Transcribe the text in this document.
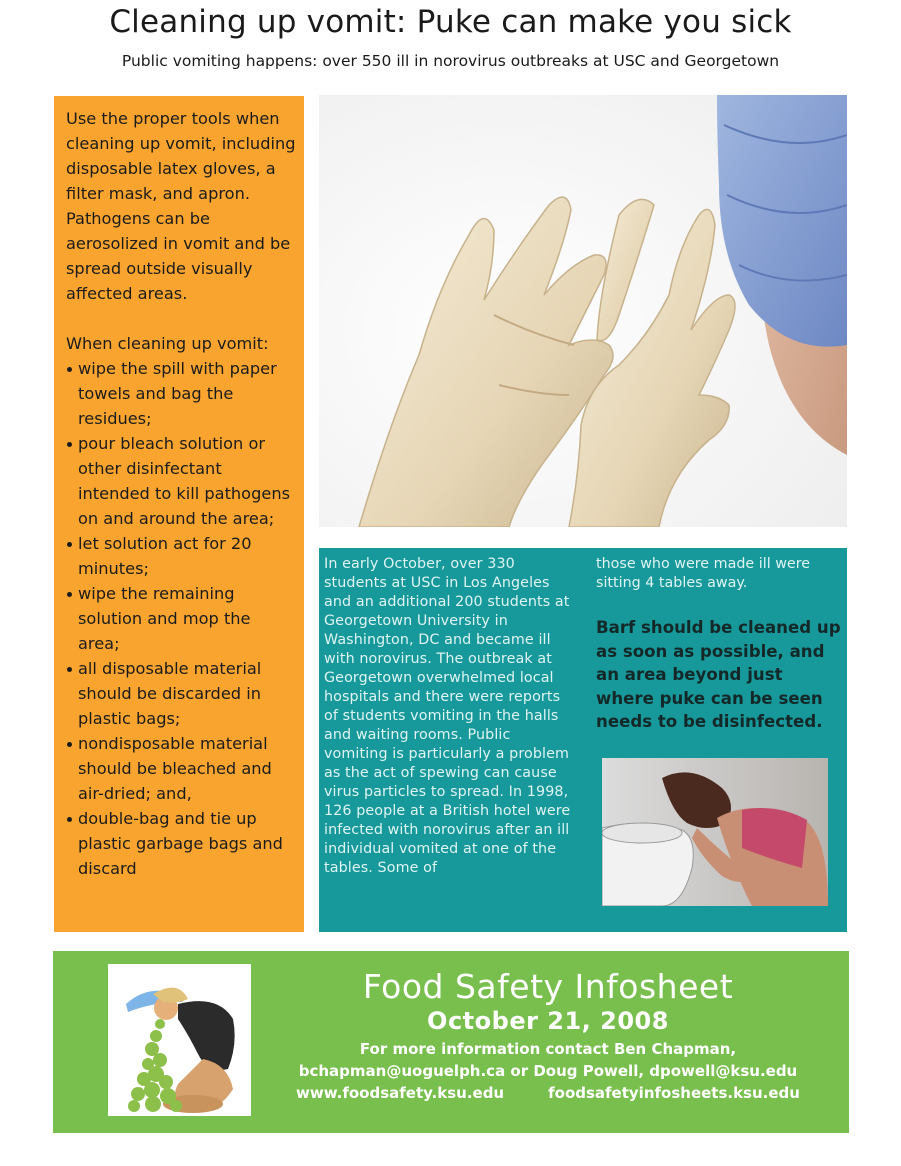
Cleaning up vomit: Puke can make you sick
Public vomiting happens: over 550 ill in norovirus outbreaks at USC and Georgetown

Use the proper tools when cleaning up vomit, including disposable latex gloves, a filter mask, and apron. Pathogens can be aerosolized in vomit and be spread outside visually affected areas.

When cleaning up vomit:
wipe the spill with paper towels and bag the residues;
pour bleach solution or other disinfectant intended to kill pathogens on and around the area;
let solution act for 20 minutes;
wipe the remaining solution and mop the area;
all disposable material should be discarded in plastic bags;
nondisposable material should be bleached and air-dried; and,
double-bag and tie up plastic garbage bags and discard
In early October, over 330 students at USC in Los Angeles and an additional 200 students at Georgetown University in Washington, DC and became ill with norovirus. The outbreak at Georgetown overwhelmed local hospitals and there were reports of students vomiting in the halls and waiting rooms. Public vomiting is particularly a problem as the act of spewing can cause virus particles to spread. In 1998, 126 people at a British hotel were infected with norovirus after an ill individual vomited at one of the tables. Some of
those who were made ill were sitting 4 tables away.
Barf should be cleaned up as soon as possible, and an area beyond just where puke can be seen needs to be disinfected.
Food Safety Infosheet
October 21, 2008
For more information contact Ben Chapman,
bchapman@uoguelph.ca or Doug Powell, dpowell@ksu.edu
www.foodsafety.ksu.edu	foodsafetyinfosheets.ksu.edu
